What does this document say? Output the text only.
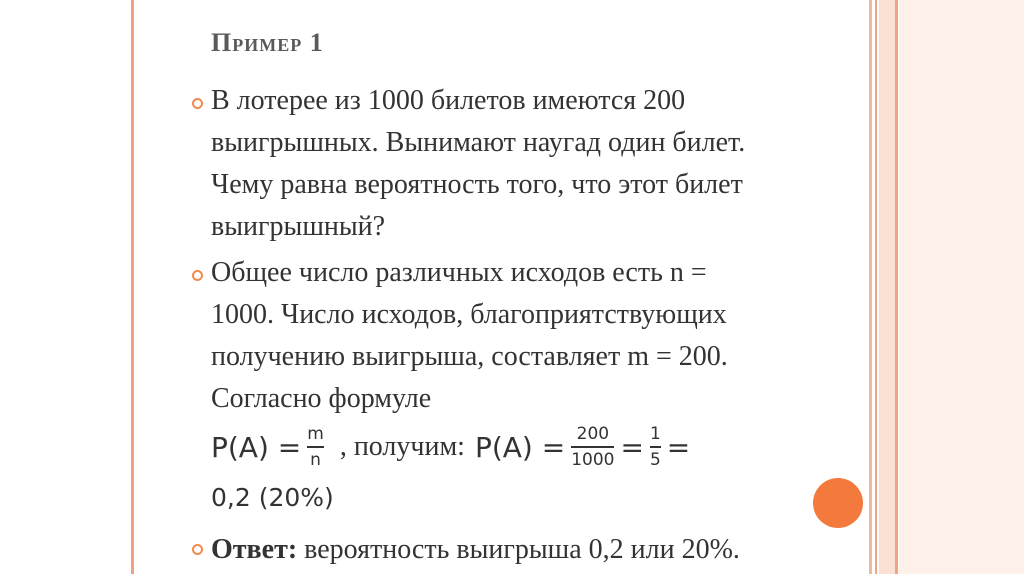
Пример 1
В лотерее из 1000 билетов имеются 200
выигрышных. Вынимают наугад один билет.
Чему равна вероятность того, что этот билет
выигрышный?
Общее число различных исходов есть n =
1000. Число исходов, благоприятствующих
получению выигрыша, составляет m = 200.
Согласно формуле
$P(A) = \frac{m}{n}$ , получим: $P(A) = \frac{200}{1000} = \frac{1}{5}$ =
0,2 (20%)
Ответ: вероятность выигрыша 0,2 или 20%.
